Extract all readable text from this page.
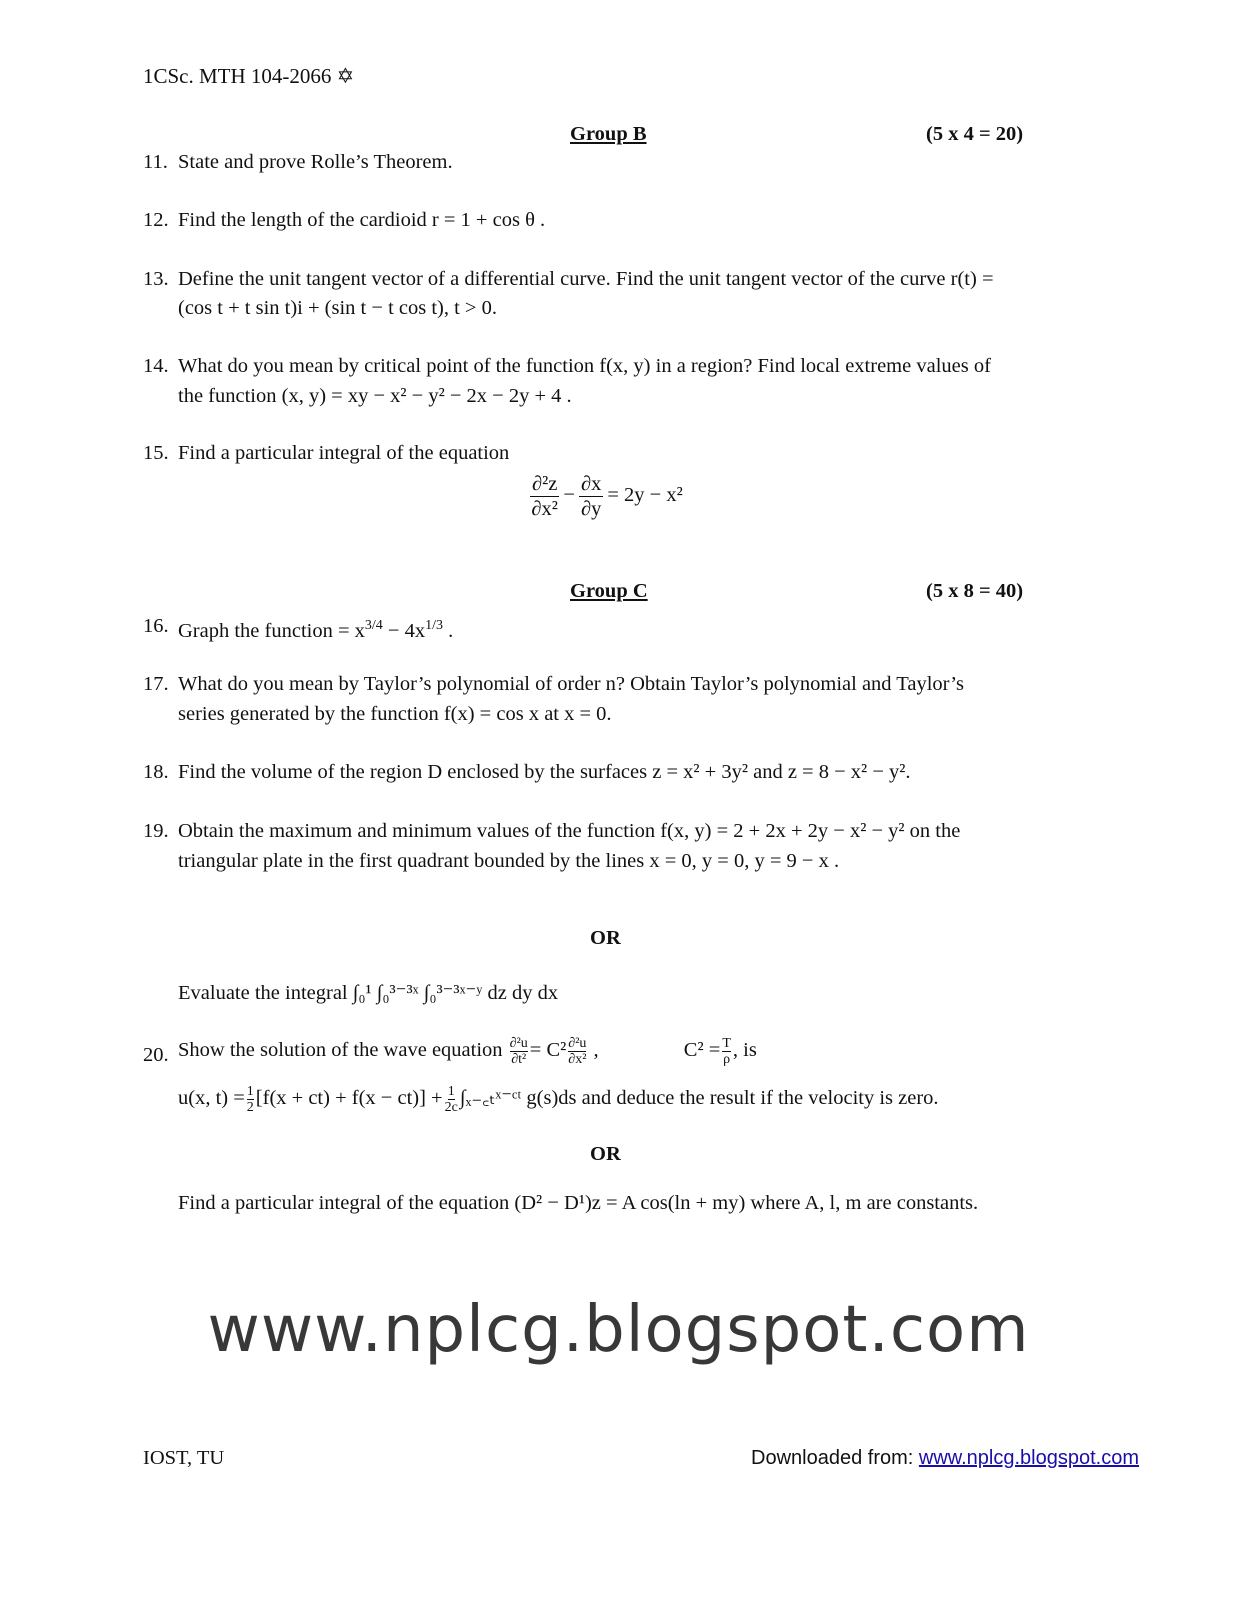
www.nplcg.blogspot.com
1CSc. MTH 104-2066 ✡
Group B	(5 x 4 = 20)
11. State and prove Rolle’s Theorem.
12. Find the length of the cardioid r = 1 + cos θ .
13. Define the unit tangent vector of a differential curve. Find the unit tangent vector of the curve r(t) =
(cos t + t sin t)i + (sin t − t cos t), t > 0.
14. What do you mean by critical point of the function f(x, y) in a region? Find local extreme values of
the function (x, y) = xy − x² − y² − 2x − 2y + 4 .
15. Find a particular integral of the equation
$\frac{\text{∂²z}}{\text{∂x²}} - \frac{\partial x}{\partial y} = 2y - x^2$
Group C	(5 x 8 = 40)
16. Graph the function = $x^{3/4} - 4x^{1/3}$ .
17. What do you mean by Taylor’s polynomial of order n? Obtain Taylor’s polynomial and Taylor’s
series generated by the function f(x) = cos x at x = 0.
18. Find the volume of the region D enclosed by the surfaces z = x² + 3y² and z = 8 − x² − y².
19. Obtain the maximum and minimum values of the function f(x, y) = 2 + 2x + 2y − x² − y² on the
triangular plate in the first quadrant bounded by the lines x = 0, y = 0, y = 9 − x .
OR
Evaluate the integral ∫₀¹ ∫₀³⁻³ˣ ∫₀³⁻³ˣ⁻ʸ dz dy dx
20. Show the solution of the wave equation $\frac{\text{∂²u}}{\text{∂t²}} = C^2 \frac{\text{∂²u}}{\text{∂x²}}$ ,	$C^2 = \frac{T}{\rho}$ , is
u(x, $t) = \frac{1}{2} [f(x + ct) + f(x - ct)] + \frac{1}{2c}$ ∫ₓ₋꜀ₜˣ⁻ᶜᵗ g(s)ds and deduce the result if the velocity is zero.
OR
Find a particular integral of the equation (D² − D¹)z = A cos(ln + my) where A, l, m are constants.
IOST, TU	Downloaded from: www.nplcg.blogspot.com
